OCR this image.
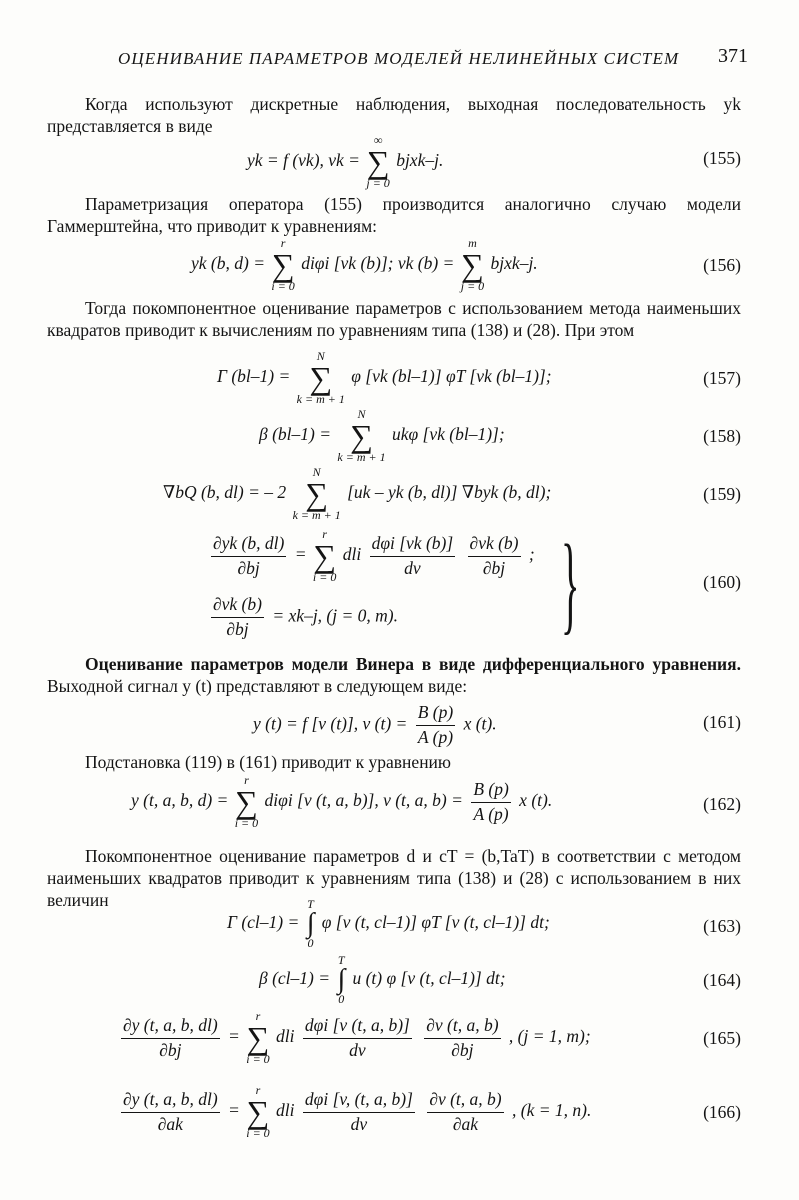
ОЦЕНИВАНИЕ ПАРАМЕТРОВ МОДЕЛЕЙ НЕЛИНЕЙНЫХ СИСТЕМ 371

Когда используют дискретные наблюдения, выходная последовательность yk представляется в виде

yk = f (vk), vk =
∞
∑
j = 0
bjxk–j.	(155)

Параметризация оператора (155) производится аналогично случаю модели Гаммерштейна, что приводит к уравнениям:

yk (b, d) =
r
∑
i = 0
diφi [vk (b)]; vk (b) =
m
∑
j = 0
bjxk–j.	(156)

Тогда покомпонентное оценивание параметров с использованием метода наименьших квадратов приводит к вычислениям по уравнениям типа (138) и (28). При этом

Г (bl–1) =
N
∑
k = m + 1
φ [vk (bl–1)] φT [vk (bl–1)];	(157)
β (bl–1) =
N
∑
k = m + 1
ukφ [vk (bl–1)];	(158)
∇bQ (b, dl) = – 2
N
∑
k = m + 1
[uk – yk (b, dl)] ∇byk (b, dl);	(159)
$\frac{\partial yk (b, dl)}{\partial bj}$ =
r
∑
i = 0
dli $\frac{\text{dφi [vk (b)]}}{dv}$
$\frac{\partial vk (b)}{\partial bj}$ ;
$\frac{\partial vk (b)}{\partial bj} = xk-j$, (j = 0, m). }	(160)

Оценивание параметров модели Винера в виде дифференциального уравнения. Выходной сигнал y (t) представляют в следующем виде:

y (t) = f [v (t)], v $(t) = \frac{B (p)}{A (p)}$ x (t).	(161)

Подстановка (119) в (161) приводит к уравнению

y (t, a, b, d) =
r
∑
i = 0
diφi [v (t, a, b)], v (t, a, $b) = \frac{B (p)}{A (p)}$ x (t).	(162)

Покомпонентное оценивание параметров d и cT = (b,TaT) в соответствии с методом наименьших квадратов приводит к уравнениям типа (138) и (28) с использованием в них величин

Г (cl–1) =
T
∫
0
φ [v (t, cl–1)] φT [v (t, cl–1)] dt;	(163)
β (cl–1) =
T
∫
0
u (t) φ [v (t, cl–1)] dt;	(164)
$\frac{\partial y (t, a, b, dl)}{\partial bj}$ =
r
∑
i = 0
dli $\frac{\text{dφi [v (t, a, b)]}}{dv}$
$\frac{\partial v (t, a, b)}{\partial bj}$ , (j = 1, m);	(165)
$\frac{\partial y (t, a, b, dl)}{\partial ak}$ =
r
∑
i = 0
dli $\frac{\text{dφi [v, (t, a, b)]}}{dv}$
$\frac{\partial v (t, a, b)}{\partial ak}$ , (k = 1, n).	(166)
